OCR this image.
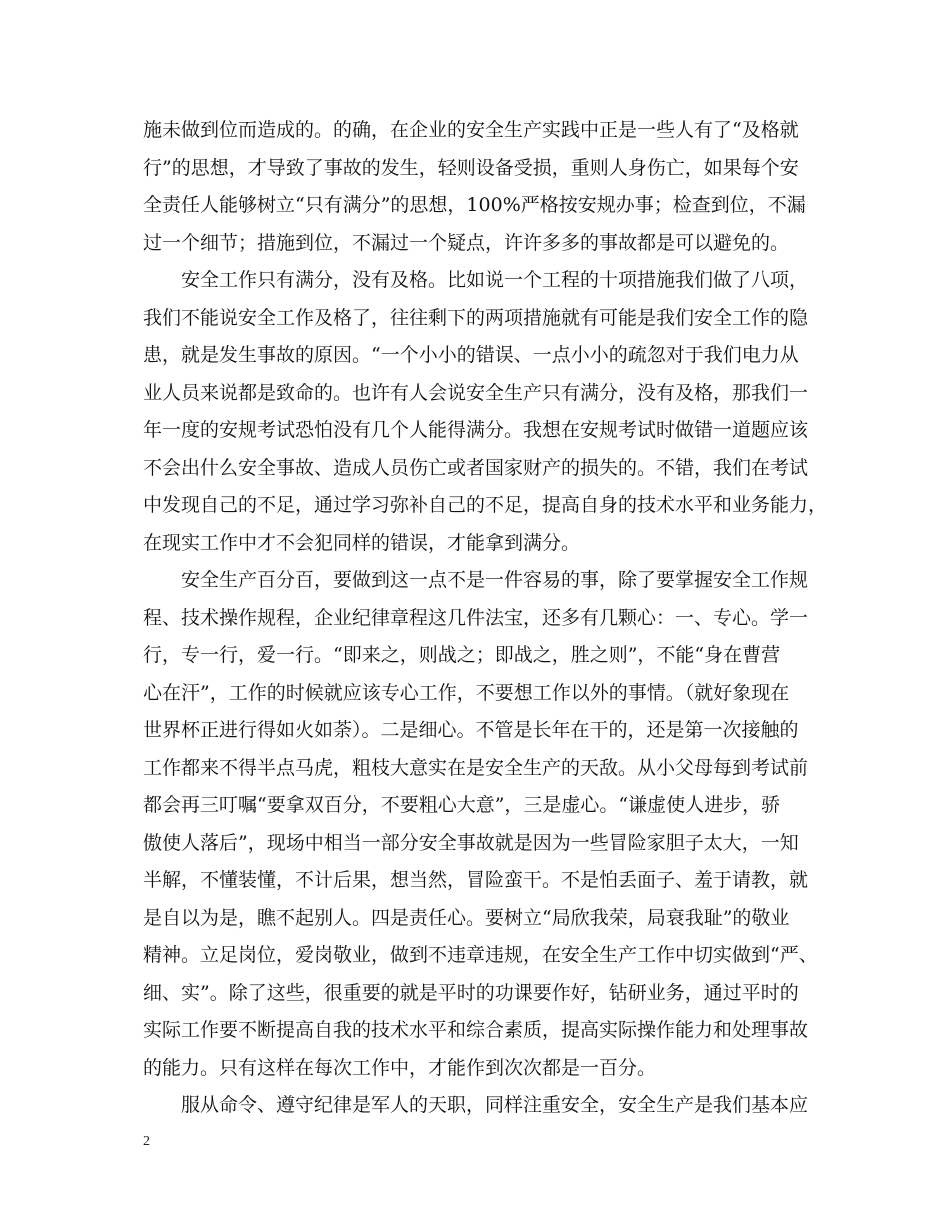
施未做到位而造成的。的确，在企业的安全生产实践中正是一些人有了“及格就
行”的思想，才导致了事故的发生，轻则设备受损，重则人身伤亡，如果每个安
全责任人能够树立“只有满分”的思想，100%严格按安规办事；检查到位，不漏
过一个细节；措施到位，不漏过一个疑点，许许多多的事故都是可以避免的。
安全工作只有满分，没有及格。比如说一个工程的十项措施我们做了八项，
我们不能说安全工作及格了，往往剩下的两项措施就有可能是我们安全工作的隐
患，就是发生事故的原因。“一个小小的错误、一点小小的疏忽对于我们电力从
业人员来说都是致命的。也许有人会说安全生产只有满分，没有及格，那我们一
年一度的安规考试恐怕没有几个人能得满分。我想在安规考试时做错一道题应该
不会出什么安全事故、造成人员伤亡或者国家财产的损失的。不错，我们在考试
中发现自己的不足，通过学习弥补自己的不足，提高自身的技术水平和业务能力，
在现实工作中才不会犯同样的错误，才能拿到满分。
安全生产百分百，要做到这一点不是一件容易的事，除了要掌握安全工作规
程、技术操作规程，企业纪律章程这几件法宝，还多有几颗心：一、专心。学一
行，专一行，爱一行。“即来之，则战之；即战之，胜之则”，不能“身在曹营
心在汗”，工作的时候就应该专心工作，不要想工作以外的事情。（就好象现在
世界杯正进行得如火如荼）。二是细心。不管是长年在干的，还是第一次接触的
工作都来不得半点马虎，粗枝大意实在是安全生产的天敌。从小父母每到考试前
都会再三叮嘱“要拿双百分，不要粗心大意”，三是虚心。“谦虚使人进步，骄
傲使人落后”，现场中相当一部分安全事故就是因为一些冒险家胆子太大，一知
半解，不懂装懂，不计后果，想当然，冒险蛮干。不是怕丢面子、羞于请教，就
是自以为是，瞧不起别人。四是责任心。要树立“局欣我荣，局衰我耻”的敬业
精神。立足岗位，爱岗敬业，做到不违章违规，在安全生产工作中切实做到“严、
细、实”。除了这些，很重要的就是平时的功课要作好，钻研业务，通过平时的
实际工作要不断提高自我的技术水平和综合素质，提高实际操作能力和处理事故
的能力。只有这样在每次工作中，才能作到次次都是一百分。
服从命令、遵守纪律是军人的天职，同样注重安全，安全生产是我们基本应
2
